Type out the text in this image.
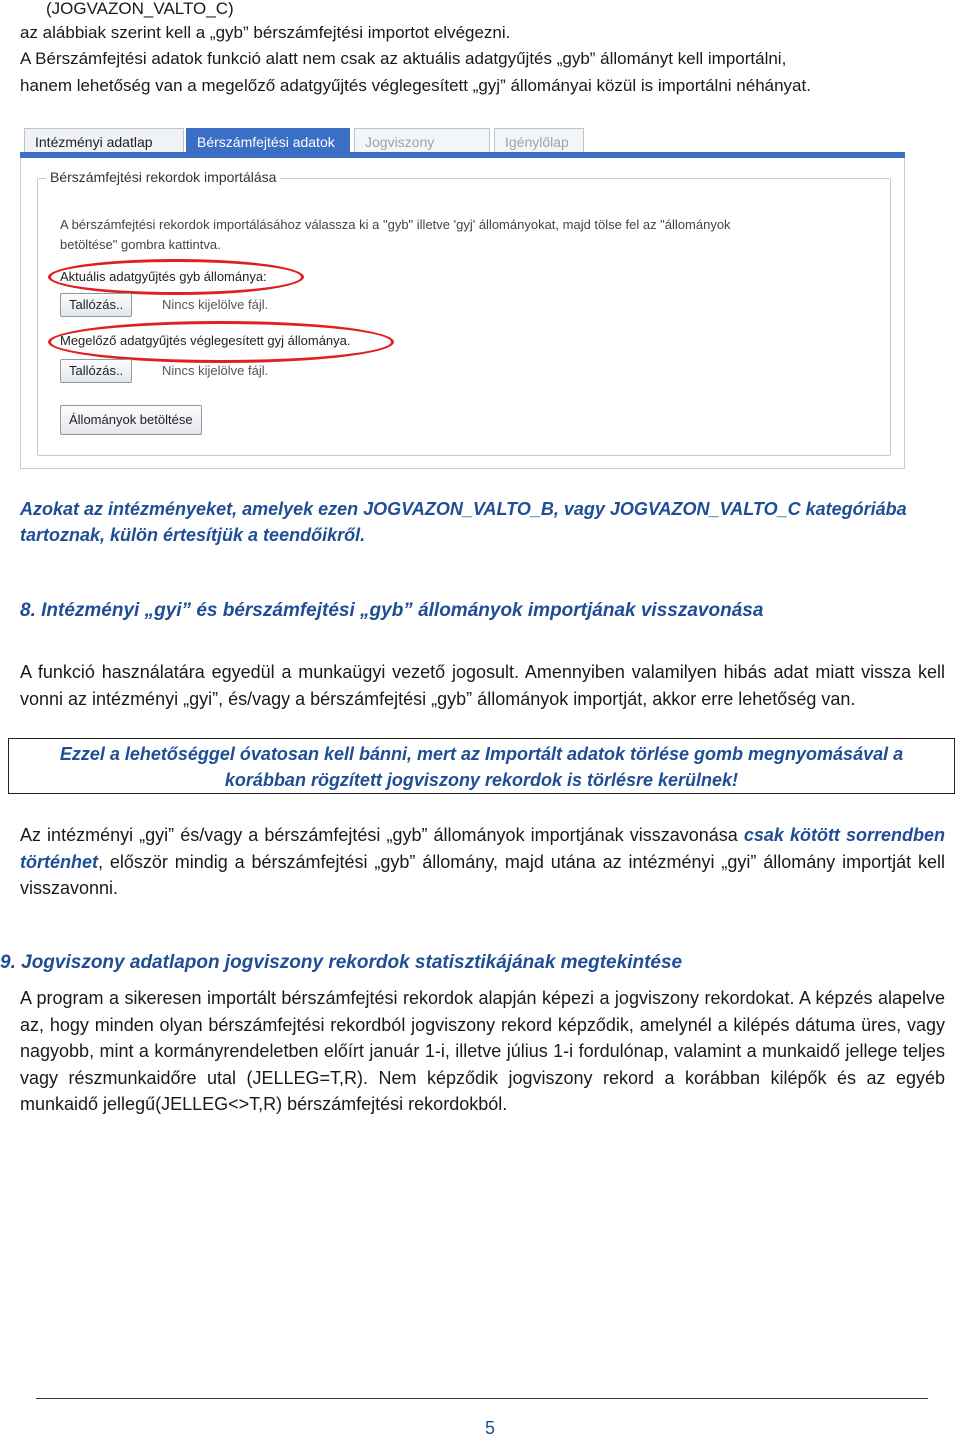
(JOGVAZON_VALTO_C)

az alábbiak szerint kell a „gyb” bérszámfejtési importot elvégezni.

A Bérszámfejtési adatok funkció alatt nem csak az aktuális adatgyűjtés „gyb” állományt kell importálni,

hanem lehetőség van a megelőző adatgyűjtés véglegesített „gyj” állományai közül is importálni néhányat.

Intézményi adatlap	Bérszámfejtési adatok	Jogviszony	Igénylőlap
Bérszámfejtési rekordok importálása
A bérszámfejtési rekordok importálásához válassza ki a "gyb" illetve 'gyj' állományokat, majd tölse fel az "állományok
betöltése" gombra kattintva.
Aktuális adatgyűjtés gyb állománya:
Tallózás..	Nincs kijelölve fájl.
Megelőző adatgyűjtés véglegesített gyj állománya.
Tallózás..	Nincs kijelölve fájl.
Állományok betöltése
Azokat az intézményeket, amelyek ezen JOGVAZON_VALTO_B, vagy JOGVAZON_VALTO_C kategóriába
tartoznak, külön értesítjük a teendőikről.
8. Intézményi „gyi” és bérszámfejtési „gyb” állományok importjának visszavonása

A funkció használatára egyedül a munkaügyi vezető jogosult. Amennyiben valamilyen hibás adat miatt vissza kell vonni az intézményi „gyi”, és/vagy a bérszámfejtési „gyb” állományok importját, akkor erre lehetőség van.

Ezzel a lehetőséggel óvatosan kell bánni, mert az Importált adatok törlése gomb megnyomásával a
korábban rögzített jogviszony rekordok is törlésre kerülnek!

Az intézményi „gyi” és/vagy a bérszámfejtési „gyb” állományok importjának visszavonása csak kötött sorrendben történhet, először mindig a bérszámfejtési „gyb” állomány, majd utána az intézményi „gyi” állomány importját kell visszavonni.

9. Jogviszony adatlapon jogviszony rekordok statisztikájának megtekintése

A program a sikeresen importált bérszámfejtési rekordok alapján képezi a jogviszony rekordokat. A képzés alapelve az, hogy minden olyan bérszámfejtési rekordból jogviszony rekord képződik, amelynél a kilépés dátuma üres, vagy nagyobb, mint a kormányrendeletben előírt január 1-i, illetve július 1-i fordulónap, valamint a munkaidő jellege teljes vagy részmunkaidőre utal (JELLEG=T,R). Nem képződik jogviszony rekord a korábban kilépők és az egyéb munkaidő jellegű(JELLEG<>T,R) bérszámfejtési rekordokból.

5
